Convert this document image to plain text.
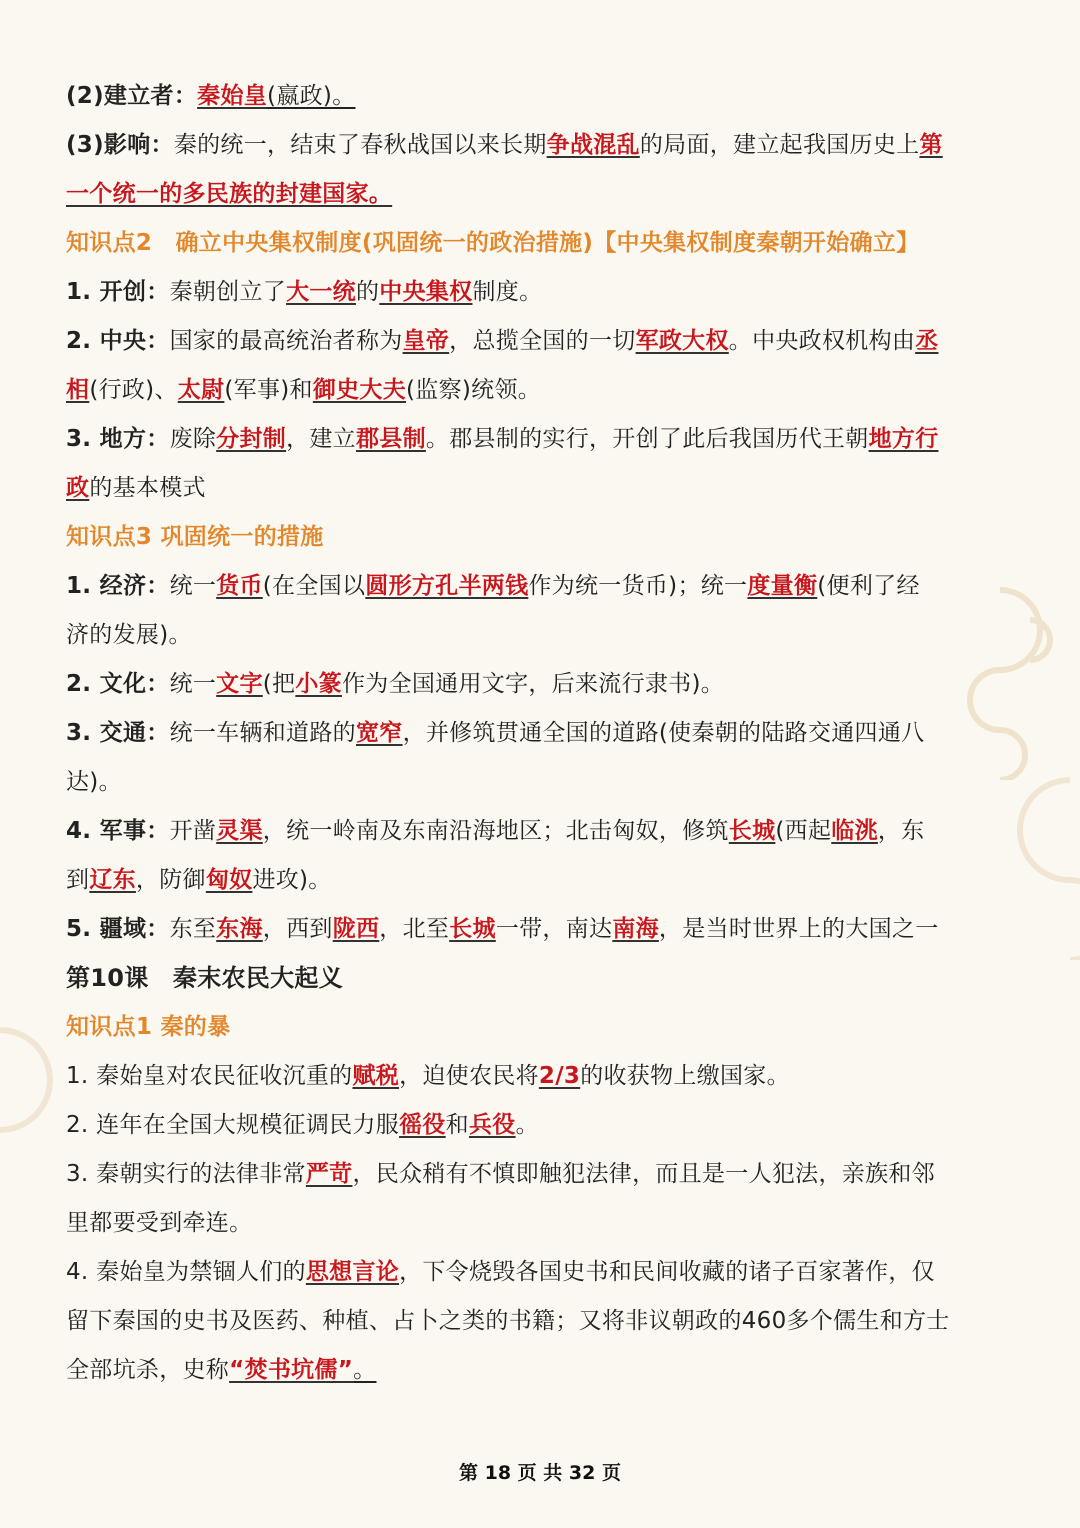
(2)建立者：秦始皇(嬴政)。
(3)影响：秦的统一，结束了春秋战国以来长期争战混乱的局面，建立起我国历史上第
一个统一的多民族的封建国家。
知识点2　确立中央集权制度(巩固统一的政治措施)【中央集权制度秦朝开始确立】
1. 开创：秦朝创立了大一统的中央集权制度。
2. 中央：国家的最高统治者称为皇帝，总揽全国的一切军政大权。中央政权机构由丞
相(行政)、太尉(军事)和御史大夫(监察)统领。
3. 地方：废除分封制，建立郡县制。郡县制的实行，开创了此后我国历代王朝地方行
政的基本模式
知识点3 巩固统一的措施
1. 经济：统一货币(在全国以圆形方孔半两钱作为统一货币)；统一度量衡(便利了经
济的发展)。
2. 文化：统一文字(把小篆作为全国通用文字，后来流行隶书)。
3. 交通：统一车辆和道路的宽窄，并修筑贯通全国的道路(使秦朝的陆路交通四通八
达)。
4. 军事：开凿灵渠，统一岭南及东南沿海地区；北击匈奴，修筑长城(西起临洮，东
到辽东，防御匈奴进攻)。
5. 疆域：东至东海，西到陇西，北至长城一带，南达南海，是当时世界上的大国之一
第10课　秦末农民大起义
知识点1 秦的暴
1. 秦始皇对农民征收沉重的赋税，迫使农民将2/3的收获物上缴国家。
2. 连年在全国大规模征调民力服徭役和兵役。
3. 秦朝实行的法律非常严苛，民众稍有不慎即触犯法律，而且是一人犯法，亲族和邻
里都要受到牵连。
4. 秦始皇为禁锢人们的思想言论，下令烧毁各国史书和民间收藏的诸子百家著作，仅
留下秦国的史书及医药、种植、占卜之类的书籍；又将非议朝政的460多个儒生和方士
全部坑杀，史称“焚书坑儒”。
第 18 页 共 32 页
